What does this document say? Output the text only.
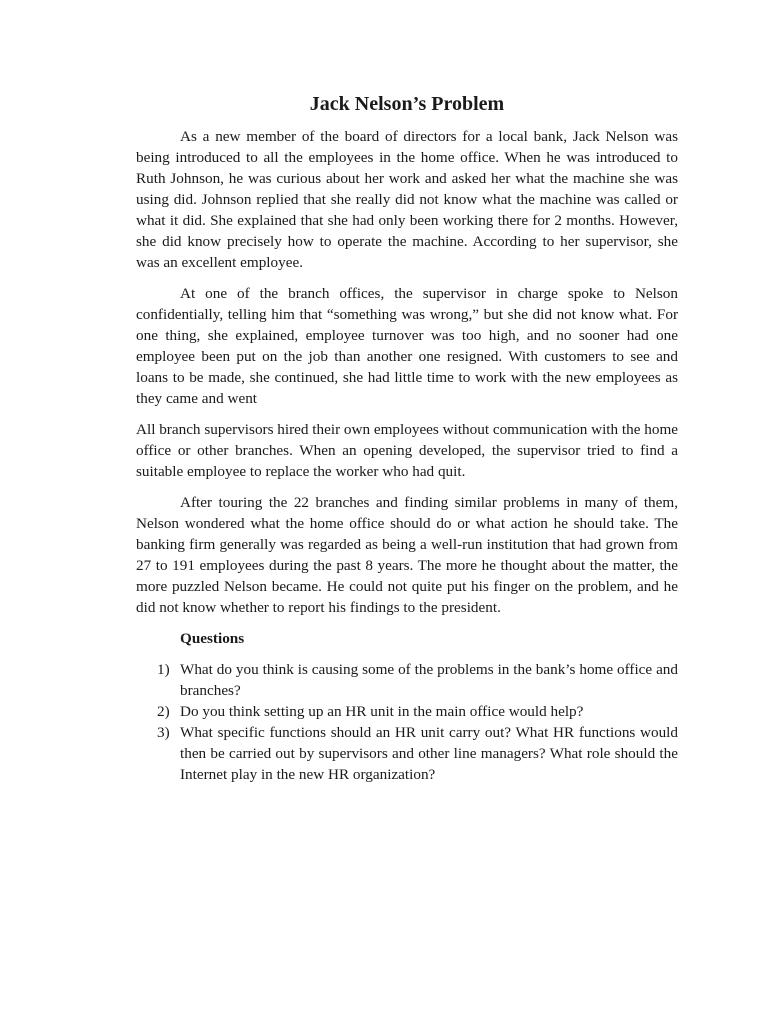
Jack Nelson’s Problem

As a new member of the board of directors for a local bank, Jack Nelson was being introduced to all the employees in the home office. When he was introduced to Ruth Johnson, he was curious about her work and asked her what the machine she was using did. Johnson replied that she really did not know what the machine was called or what it did. She explained that she had only been working there for 2 months. However, she did know precisely how to operate the machine. According to her supervisor, she was an excellent employee.

At one of the branch offices, the supervisor in charge spoke to Nelson confidentially, telling him that “something was wrong,” but she did not know what. For one thing, she explained, employee turnover was too high, and no sooner had one employee been put on the job than another one resigned. With customers to see and loans to be made, she continued, she had little time to work with the new employees as they came and went

All branch supervisors hired their own employees without communication with the home office or other branches. When an opening developed, the supervisor tried to find a suitable employee to replace the worker who had quit.

After touring the 22 branches and finding similar problems in many of them, Nelson wondered what the home office should do or what action he should take. The banking firm generally was regarded as being a well-run institution that had grown from 27 to 191 employees during the past 8 years. The more he thought about the matter, the more puzzled Nelson became. He could not quite put his finger on the problem, and he did not know whether to report his findings to the president.

Questions
1) What do you think is causing some of the problems in the bank’s home office and branches?
2) Do you think setting up an HR unit in the main office would help?
3) What specific functions should an HR unit carry out? What HR functions would then be carried out by supervisors and other line managers? What role should the Internet play in the new HR organization?
